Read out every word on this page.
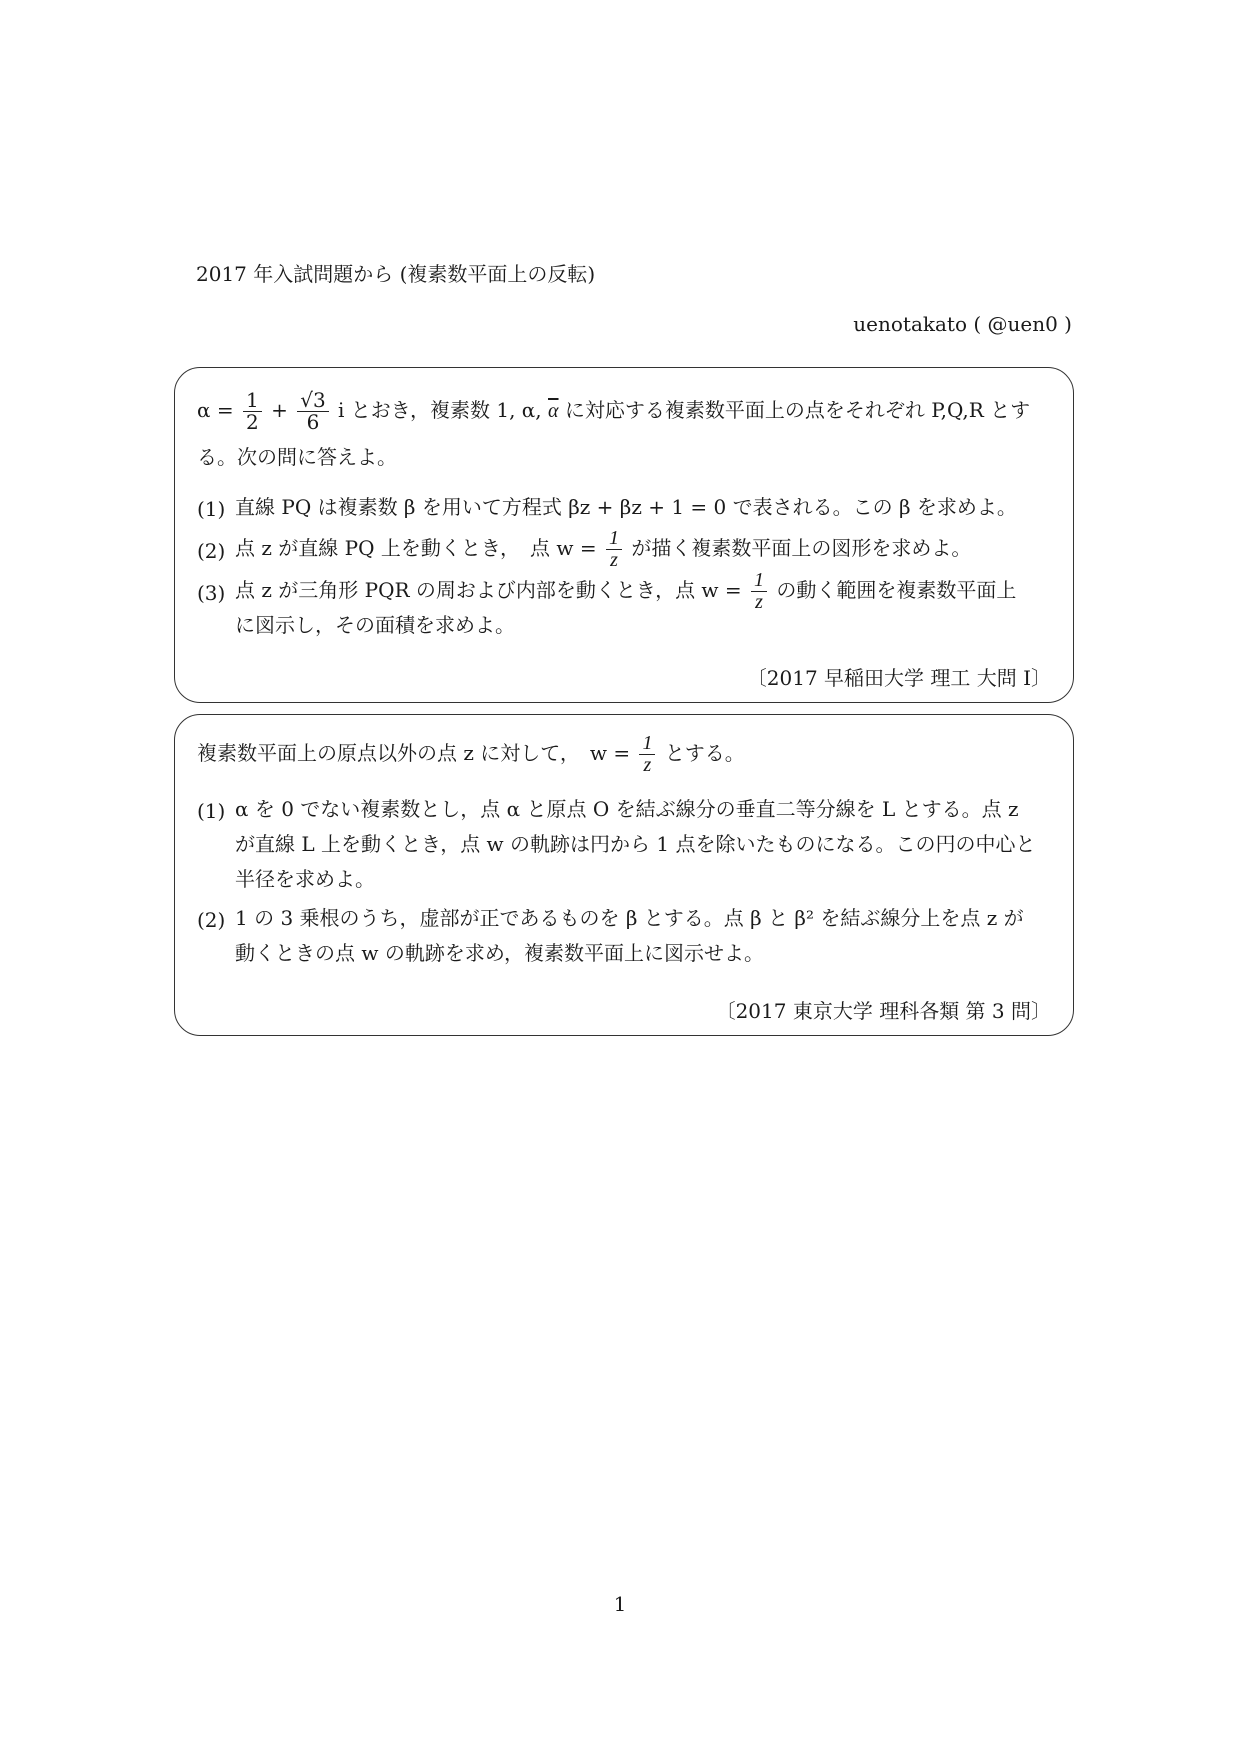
2017 年入試問題から (複素数平面上の反転)
uenotakato ( @uen0 )
$\alpha = \frac{1}{2} + \frac{√3}{6}$ i とおき，複素数 1, α, $\overline{\alpha}$ に対応する複素数平面上の点をそれぞれ P,Q,R とす
る。次の問に答えよ。
(1) 直線 PQ は複素数 β を用いて方程式 βz + βz + 1 = 0 で表される。この β を求めよ。
(2) 点 z が直線 PQ 上を動くとき，　点 $w = \frac{1}{z}$ が描く複素数平面上の図形を求めよ。
(3) 点 z が三角形 PQR の周および内部を動くとき，点 $w = \frac{1}{z}$ の動く範囲を複素数平面上
に図示し，その面積を求めよ。
〔2017 早稲田大学 理工 大問 I〕
複素数平面上の原点以外の点 z に対して，　$w = \frac{1}{z}$ とする。
(1) α を 0 でない複素数とし，点 α と原点 O を結ぶ線分の垂直二等分線を L とする。点 z
が直線 L 上を動くとき，点 w の軌跡は円から 1 点を除いたものになる。この円の中心と
半径を求めよ。
(2) 1 の 3 乗根のうち，虚部が正であるものを β とする。点 β と β² を結ぶ線分上を点 z が
動くときの点 w の軌跡を求め，複素数平面上に図示せよ。
〔2017 東京大学 理科各類 第 3 問〕
1
